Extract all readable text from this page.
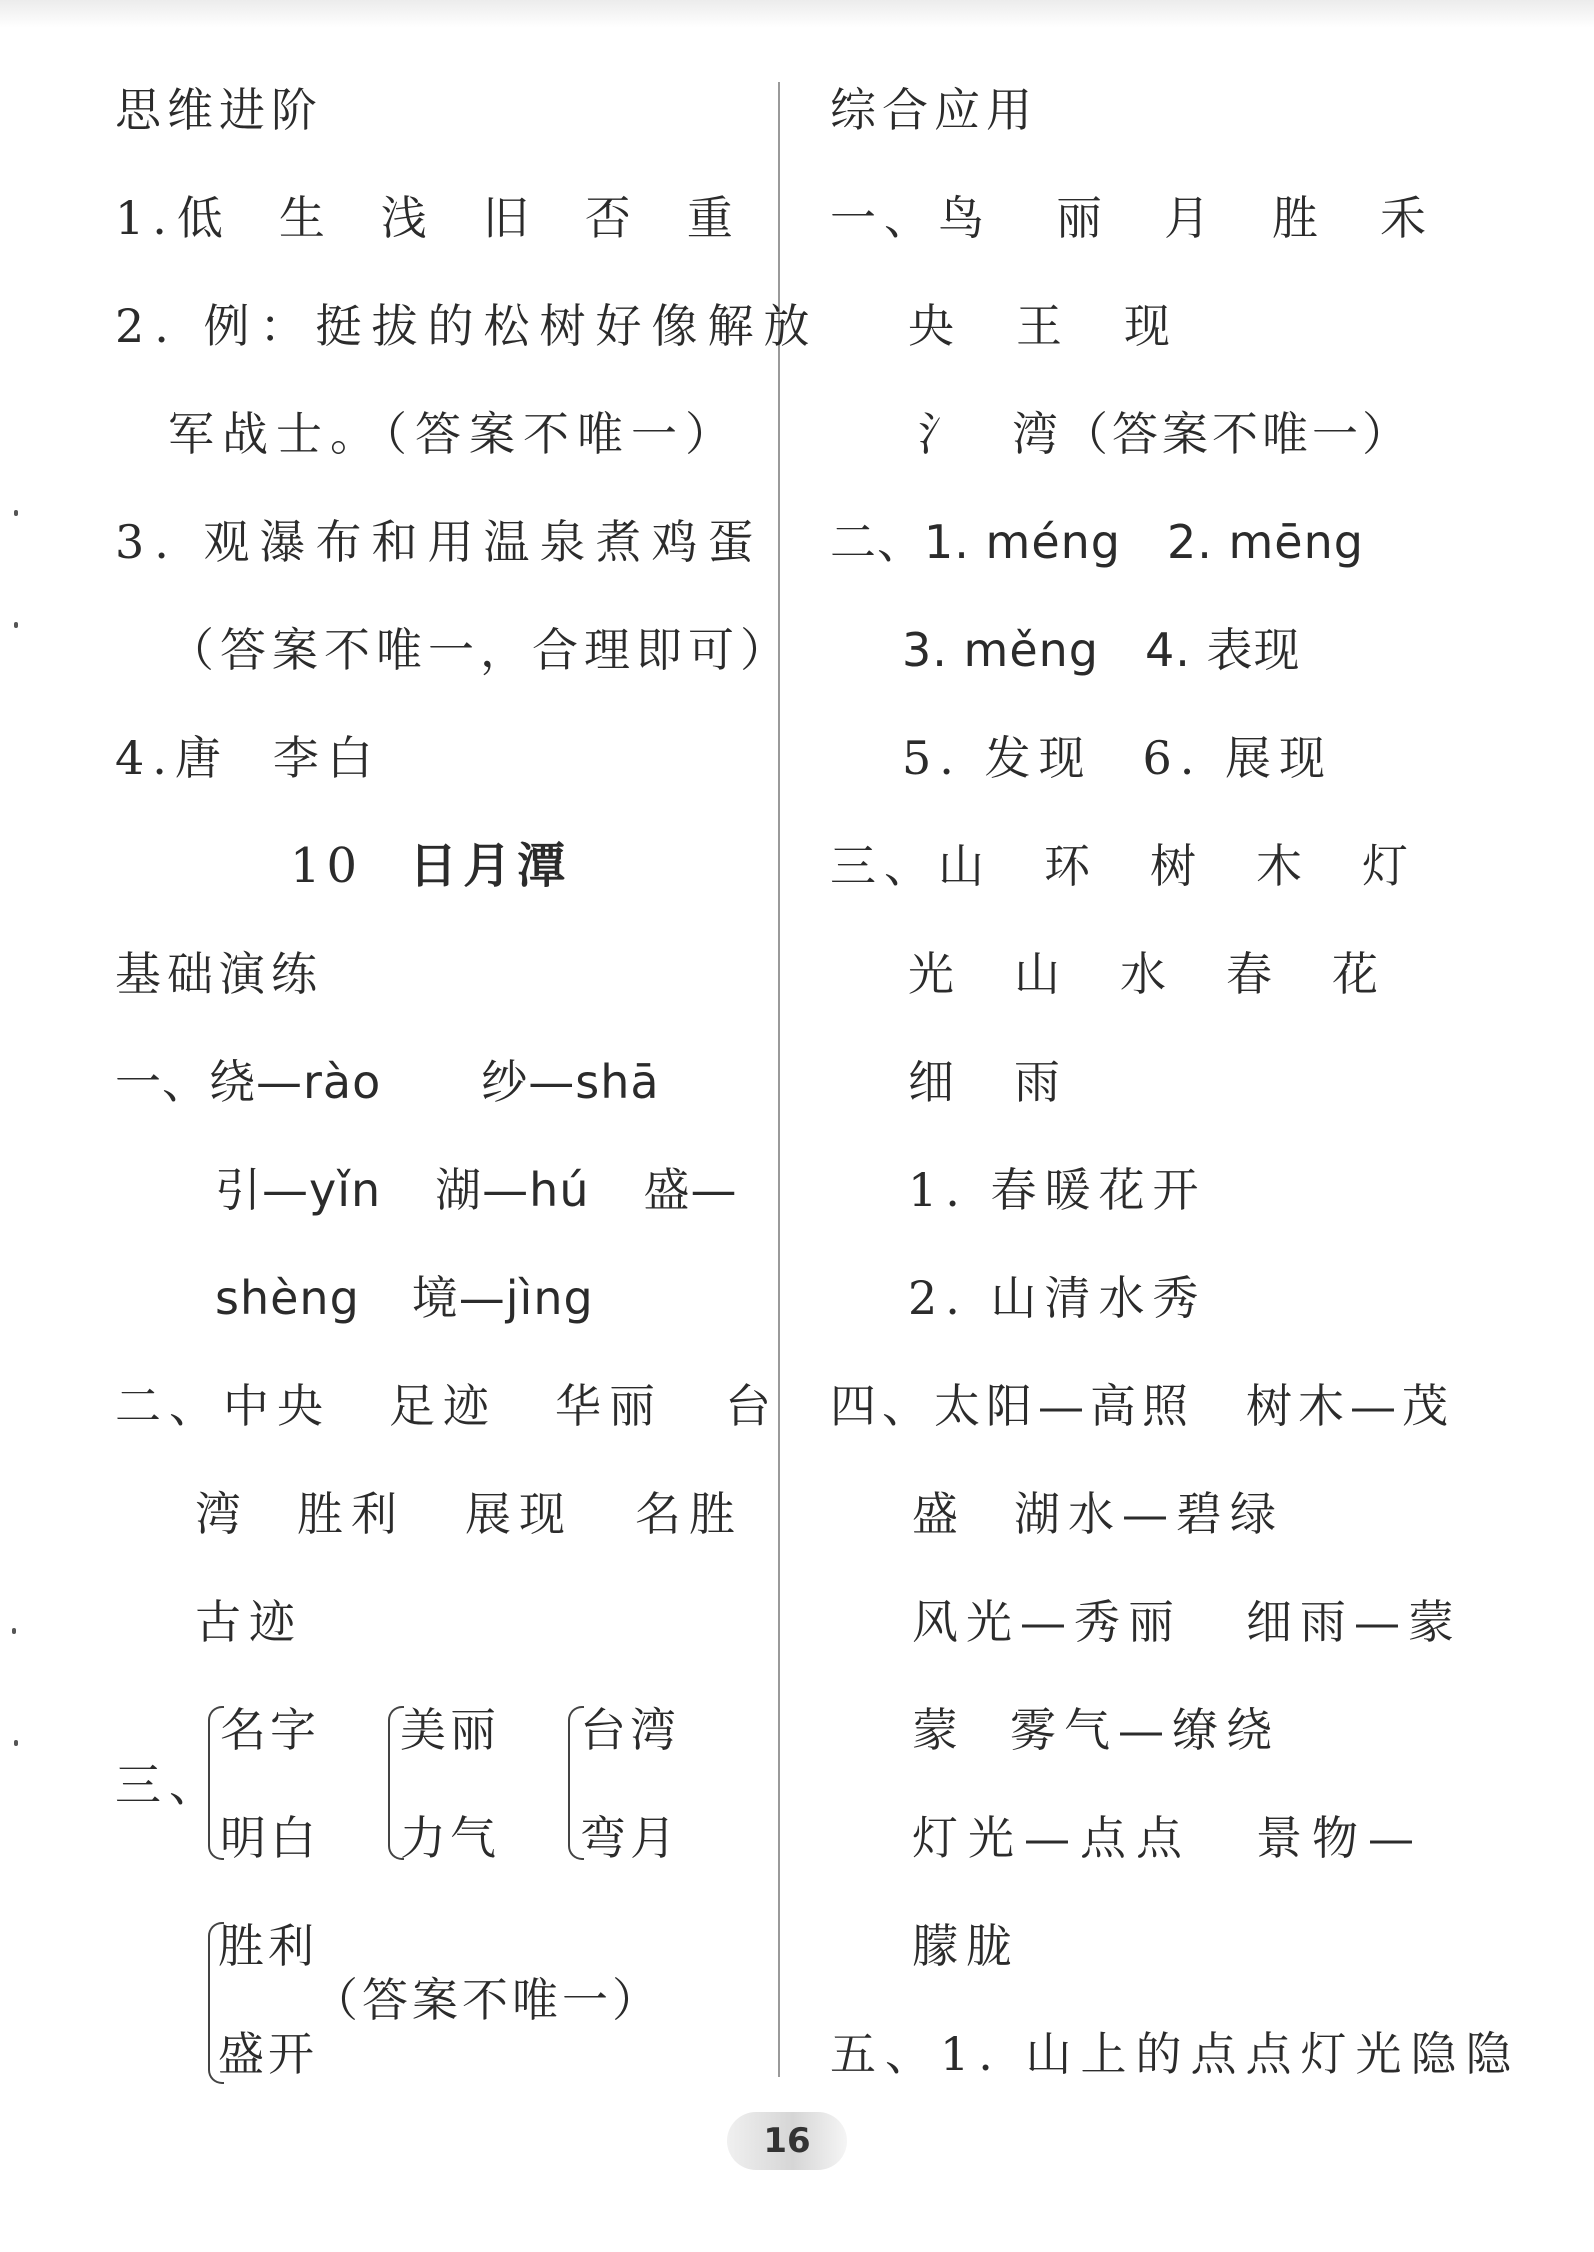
思维进阶
1.低 生 浅 旧 否 重
2. 例：挺拔的松树好像解放
军战士。（答案不唯一）
3. 观瀑布和用温泉煮鸡蛋
（答案不唯一，合理即可）
4.唐 李白
10 日月潭
基础演练
一、绕—rào 纱—shā
引—yǐn 湖—hú 盛—
shèng 境—jìng
二、中央 足迹 华丽 台
湾 胜利 展现 名胜
古迹
三、
名字
明白
美丽
力气
台湾
弯月
胜利
盛开
（答案不唯一）
综合应用
一、鸟 丽 月 胜 禾
央 王 现
氵 湾（答案不唯一）
二、1. méng 2. mēng
3. měng 4. 表现
5. 发现 6. 展现
三、山 环 树 木 灯
光 山 水 春 花
细 雨
1. 春暖花开
2. 山清水秀
四、太阳—高照 树木—茂
盛 湖水—碧绿
风光—秀丽 细雨—蒙
蒙 雾气—缭绕
灯光—点点 景物—
朦胧
五、1. 山上的点点灯光隐隐
16
